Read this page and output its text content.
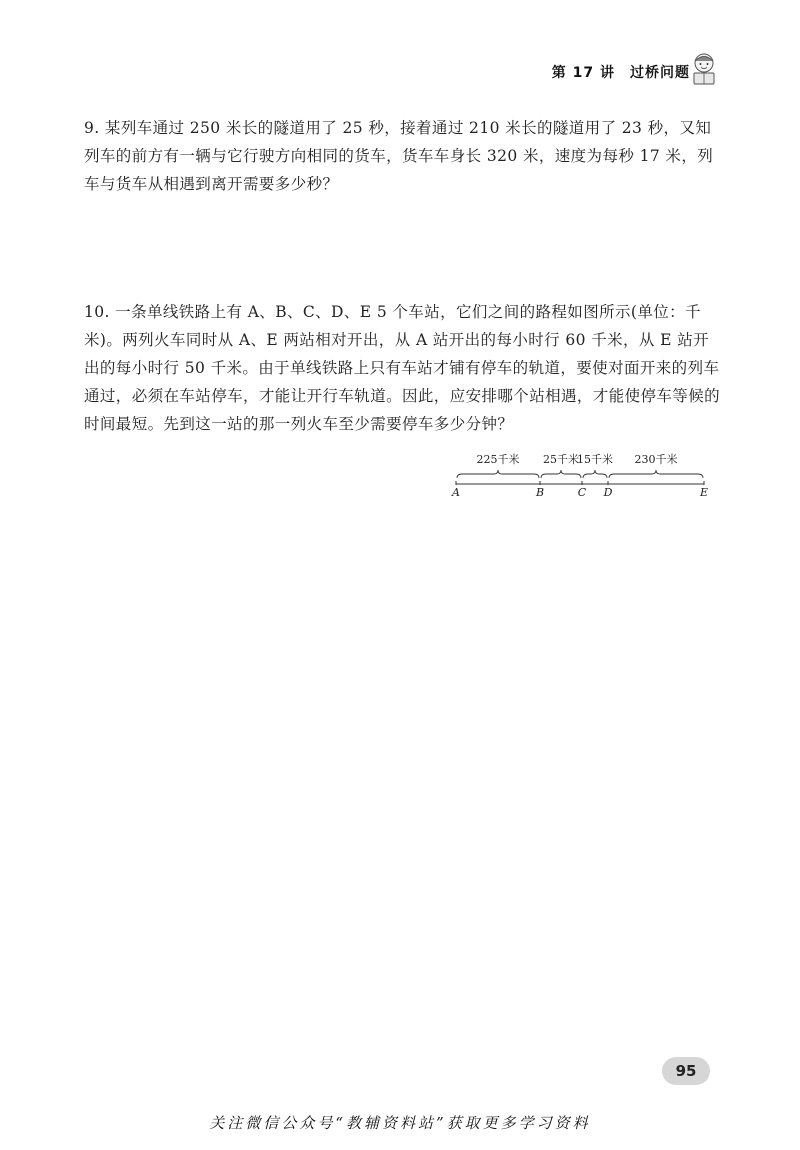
第 17 讲　过桥问题
9. 某列车通过 250 米长的隧道用了 25 秒，接着通过 210 米长的隧道用了 23 秒，又知列车的前方有一辆与它行驶方向相同的货车，货车车身长 320 米，速度为每秒 17 米，列车与货车从相遇到离开需要多少秒？
10. 一条单线铁路上有 A、B、C、D、E 5 个车站，它们之间的路程如图所示(单位：千米)。两列火车同时从 A、E 两站相对开出，从 A 站开出的每小时行 60 千米，从 E 站开出的每小时行 50 千米。由于单线铁路上只有车站才铺有停车的轨道，要使对面开来的列车通过，必须在车站停车，才能让开行车轨道。因此，应安排哪个站相遇，才能使停车等候的时间最短。先到这一站的那一列火车至少需要停车多少分钟？
225千米 25千米
15千米 230千米
A	B	C D	E
95
关注微信公众号“教辅资料站”获取更多学习资料
